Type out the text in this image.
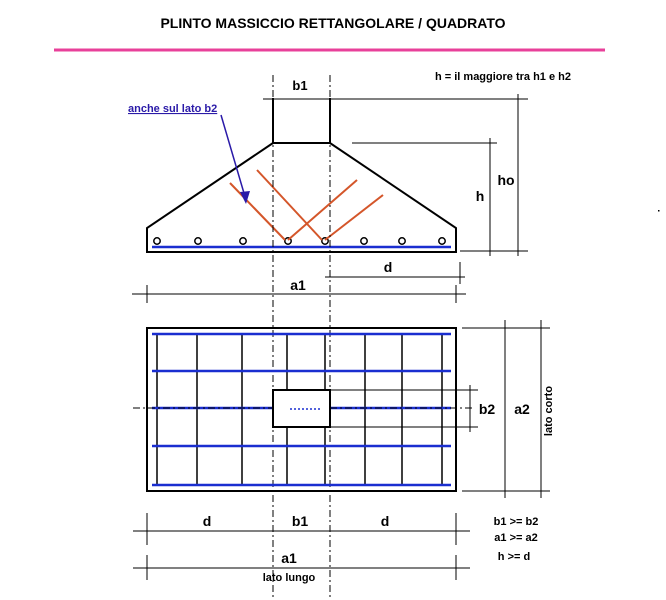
PLINTO MASSICCIO RETTANGOLARE / QUADRATO
b1
h = il maggiore tra h1 e h2
h
ho
anche sul lato b2
d
a1
b2 a2 lato corto
d	b1	d
a1
lato lungo
b1 >= b2
a1 >= a2
h >= d
